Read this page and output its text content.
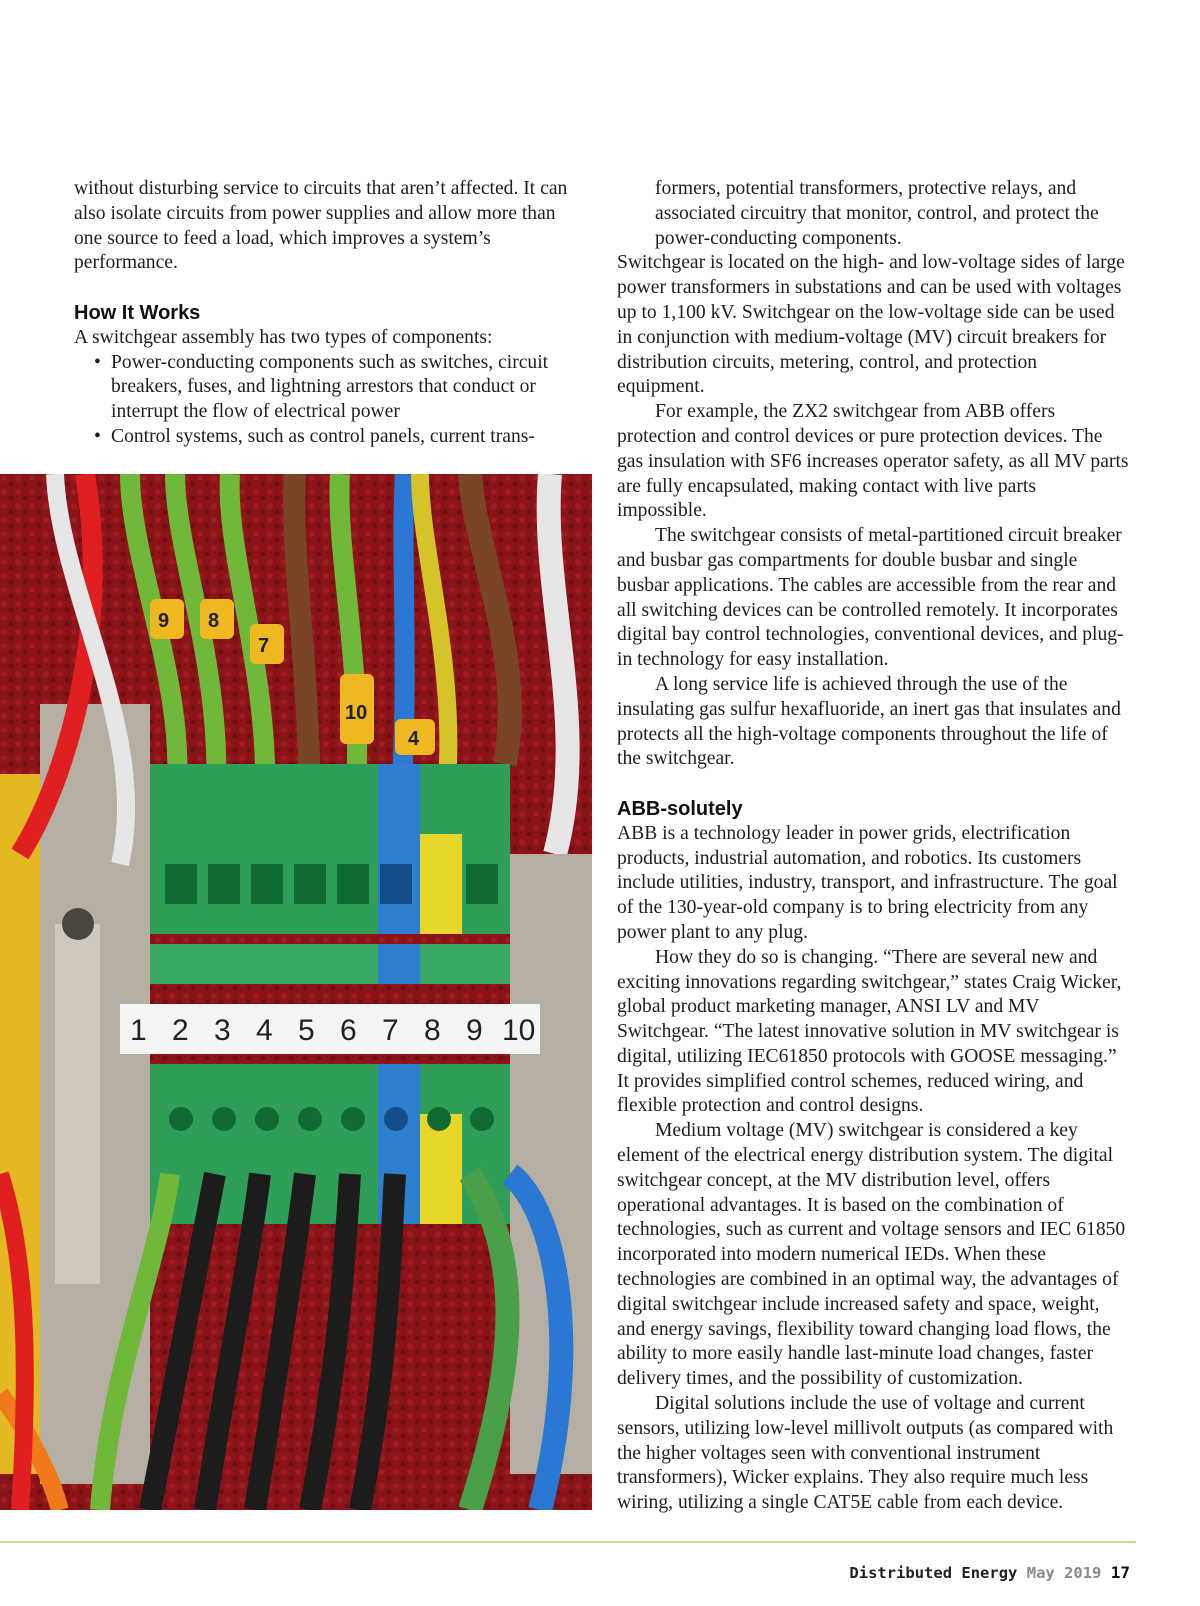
without disturbing service to circuits that aren’t affected. It can also isolate circuits from power supplies and allow more than one source to feed a load, which improves a system’s performance.

How It Works

A switchgear assembly has two types of components:

• Power-conducting components such as switches, circuit breakers, fuses, and lightning arrestors that conduct or interrupt the flow of electrical power
• Control systems, such as control panels, current trans-
9 8
7
10
4
1 2 3 4 5 6 7 8 9 10

formers, potential transformers, protective relays, and associated circuitry that monitor, control, and protect the power-conducting components.

Switchgear is located on the high- and low-voltage sides of large power transformers in substations and can be used with voltages up to 1,100 kV. Switchgear on the low-voltage side can be used in conjunction with medium-voltage (MV) circuit breakers for distribution circuits, metering, control, and protection equipment.

For example, the ZX2 switchgear from ABB offers protection and control devices or pure protection devices. The gas insulation with SF6 increases operator safety, as all MV parts are fully encapsulated, making contact with live parts impossible.

The switchgear consists of metal-partitioned circuit breaker and busbar gas compartments for double busbar and single busbar applications. The cables are accessible from the rear and all switching devices can be controlled remotely. It incorporates digital bay control technologies, conventional devices, and plug-in technology for easy installation.

A long service life is achieved through the use of the insulating gas sulfur hexafluoride, an inert gas that insulates and protects all the high-voltage components throughout the life of the switchgear.

ABB-solutely

ABB is a technology leader in power grids, electrification products, industrial automation, and robotics. Its customers include utilities, industry, transport, and infrastructure. The goal of the 130-year-old company is to bring electricity from any power plant to any plug.

How they do so is changing. “There are several new and exciting innovations regarding switchgear,” states Craig Wicker, global product marketing manager, ANSI LV and MV Switchgear. “The latest innovative solution in MV switchgear is digital, utilizing IEC61850 protocols with GOOSE messaging.” It provides simplified control schemes, reduced wiring, and flexible protection and control designs.

Medium voltage (MV) switchgear is considered a key element of the electrical energy distribution system. The digital switchgear concept, at the MV distribution level, offers operational advantages. It is based on the combination of technologies, such as current and voltage sensors and IEC 61850 incorporated into modern numerical IEDs. When these technologies are combined in an optimal way, the advantages of digital switchgear include increased safety and space, weight, and energy savings, flexibility toward changing load flows, the ability to more easily handle last-minute load changes, faster delivery times, and the possibility of customization.

Digital solutions include the use of voltage and current sensors, utilizing low-level millivolt outputs (as compared with the higher voltages seen with conventional instrument transformers), Wicker explains. They also require much less wiring, utilizing a single CAT5E cable from each device.

Distributed Energy May 2019 17
